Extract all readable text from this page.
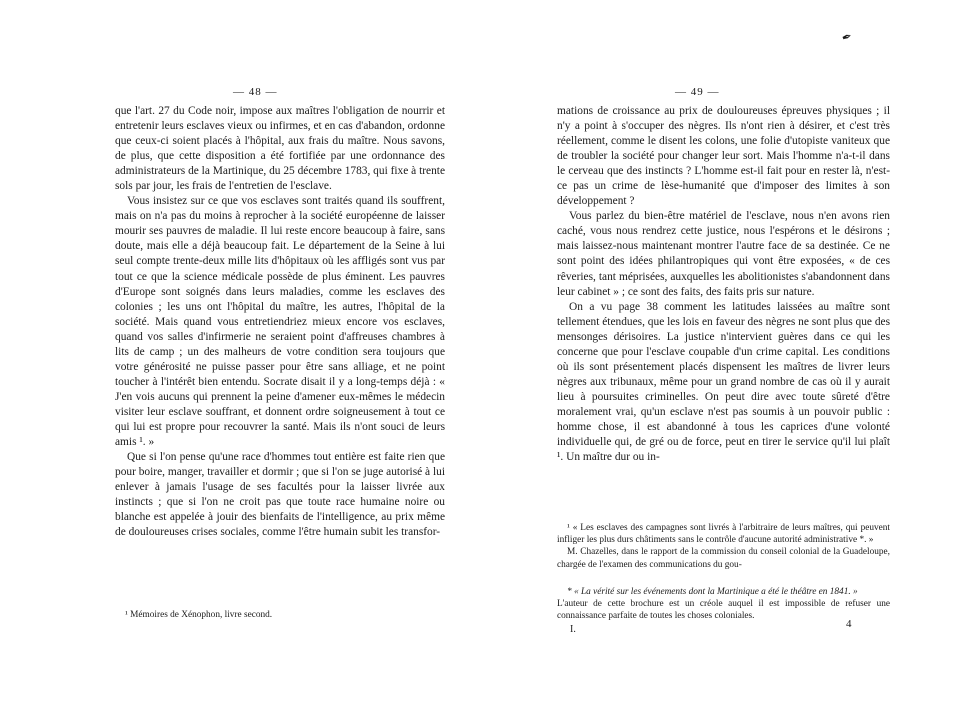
✒
— 48 —

que l'art. 27 du Code noir, impose aux maîtres l'obligation de nourrir et entretenir leurs esclaves vieux ou infirmes, et en cas d'abandon, ordonne que ceux-ci soient placés à l'hôpital, aux frais du maître. Nous savons, de plus, que cette disposition a été fortifiée par une ordonnance des administrateurs de la Martinique, du 25 décembre 1783, qui fixe à trente sols par jour, les frais de l'entretien de l'esclave.

Vous insistez sur ce que vos esclaves sont traités quand ils souffrent, mais on n'a pas du moins à reprocher à la société européenne de laisser mourir ses pauvres de maladie. Il lui reste encore beaucoup à faire, sans doute, mais elle a déjà beaucoup fait. Le département de la Seine à lui seul compte trente-deux mille lits d'hôpitaux où les affligés sont vus par tout ce que la science médicale possède de plus éminent. Les pauvres d'Europe sont soignés dans leurs maladies, comme les esclaves des colonies ; les uns ont l'hôpital du maître, les autres, l'hôpital de la société. Mais quand vous entretiendriez mieux encore vos esclaves, quand vos salles d'infirmerie ne seraient point d'affreuses chambres à lits de camp ; un des malheurs de votre condition sera toujours que votre générosité ne puisse passer pour être sans alliage, et ne point toucher à l'intérêt bien entendu. Socrate disait il y a long-temps déjà : « J'en vois aucuns qui prennent la peine d'amener eux-mêmes le médecin visiter leur esclave souffrant, et donnent ordre soigneusement à tout ce qui lui est propre pour recouvrer la santé. Mais ils n'ont souci de leurs amis ¹. »

Que si l'on pense qu'une race d'hommes tout entière est faite rien que pour boire, manger, travailler et dormir ; que si l'on se juge autorisé à lui enlever à jamais l'usage de ses facultés pour la laisser livrée aux instincts ; que si l'on ne croit pas que toute race humaine noire ou blanche est appelée à jouir des bienfaits de l'intelligence, au prix même de douloureuses crises sociales, comme l'être humain subit les transfor-

¹ Mémoires de Xénophon, livre second.

— 49 —

mations de croissance au prix de douloureuses épreuves physiques ; il n'y a point à s'occuper des nègres. Ils n'ont rien à désirer, et c'est très réellement, comme le disent les colons, une folie d'utopiste vaniteux que de troubler la société pour changer leur sort. Mais l'homme n'a-t-il dans le cerveau que des instincts ? L'homme est-il fait pour en rester là, n'est-ce pas un crime de lèse-humanité que d'imposer des limites à son développement ?

Vous parlez du bien-être matériel de l'esclave, nous n'en avons rien caché, vous nous rendrez cette justice, nous l'espérons et le désirons ; mais laissez-nous maintenant montrer l'autre face de sa destinée. Ce ne sont point des idées philantropiques qui vont être exposées, « de ces rêveries, tant méprisées, auxquelles les abolitionistes s'abandonnent dans leur cabinet » ; ce sont des faits, des faits pris sur nature.

On a vu page 38 comment les latitudes laissées au maître sont tellement étendues, que les lois en faveur des nègres ne sont plus que des mensonges dérisoires. La justice n'intervient guères dans ce qui les concerne que pour l'esclave coupable d'un crime capital. Les conditions où ils sont présentement placés dispensent les maîtres de livrer leurs nègres aux tribunaux, même pour un grand nombre de cas où il y aurait lieu à poursuites criminelles. On peut dire avec toute sûreté d'être moralement vrai, qu'un esclave n'est pas soumis à un pouvoir public : homme chose, il est abandonné à tous les caprices d'une volonté individuelle qui, de gré ou de force, peut en tirer le service qu'il lui plaît ¹. Un maître dur ou in-

¹ « Les esclaves des campagnes sont livrés à l'arbitraire de leurs maîtres, qui peuvent infliger les plus durs châtiments sans le contrôle d'aucune autorité administrative *. »

M. Chazelles, dans le rapport de la commission du conseil colonial de la Guadeloupe, chargée de l'examen des communications du gou-

* « La vérité sur les événements dont la Martinique a été le théâtre en 1841. »

L'auteur de cette brochure est un créole auquel il est impossible de refuser une connaissance parfaite de toutes les choses coloniales.

I.	4
